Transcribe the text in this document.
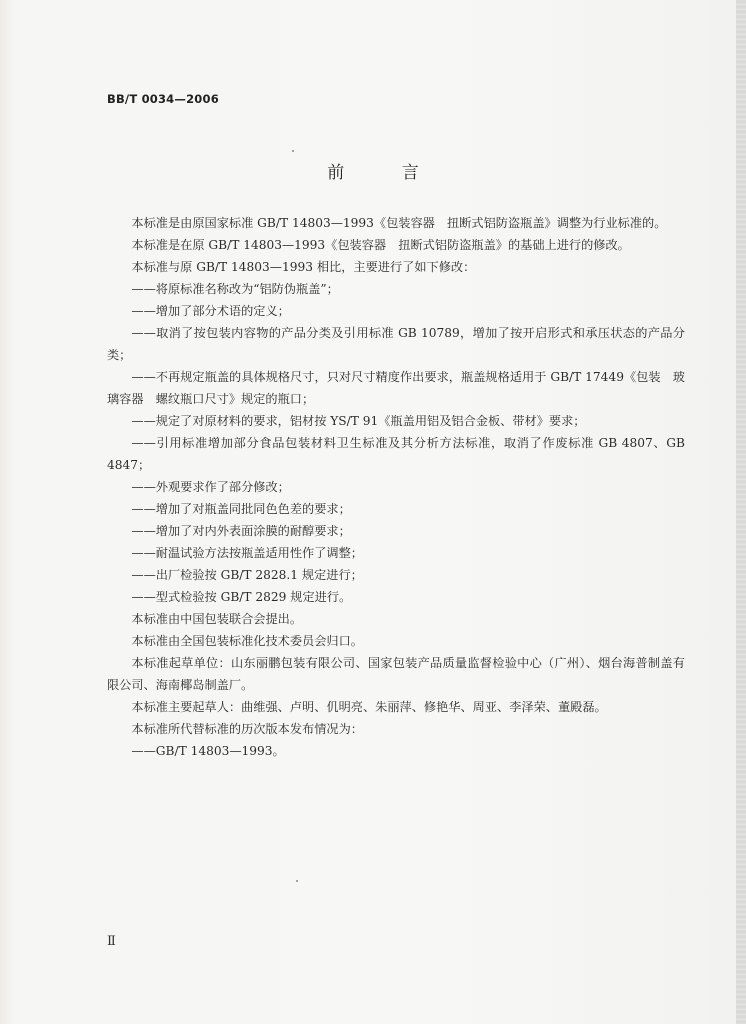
BB/T 0034—2006
前 言

本标准是由原国家标准 GB/T 14803—1993《包装容器　扭断式铝防盗瓶盖》调整为行业标准的。

本标准是在原 GB/T 14803—1993《包装容器　扭断式铝防盗瓶盖》的基础上进行的修改。

本标准与原 GB/T 14803—1993 相比，主要进行了如下修改：

——将原标准名称改为“铝防伪瓶盖”；

——增加了部分术语的定义；

——取消了按包装内容物的产品分类及引用标准 GB 10789，增加了按开启形式和承压状态的产品分类；

——不再规定瓶盖的具体规格尺寸，只对尺寸精度作出要求，瓶盖规格适用于 GB/T 17449《包装　玻璃容器　螺纹瓶口尺寸》规定的瓶口；

——规定了对原材料的要求，铝材按 YS/T 91《瓶盖用铝及铝合金板、带材》要求；

——引用标准增加部分食品包装材料卫生标准及其分析方法标准，取消了作废标准 GB 4807、GB 4847；

——外观要求作了部分修改；

——增加了对瓶盖同批同色色差的要求；

——增加了对内外表面涂膜的耐醇要求；

——耐温试验方法按瓶盖适用性作了调整；

——出厂检验按 GB/T 2828.1 规定进行；

——型式检验按 GB/T 2829 规定进行。

本标准由中国包装联合会提出。

本标准由全国包装标准化技术委员会归口。

本标准起草单位：山东丽鹏包装有限公司、国家包装产品质量监督检验中心（广州）、烟台海普制盖有限公司、海南椰岛制盖厂。

本标准主要起草人：曲维强、卢明、仉明亮、朱丽萍、修艳华、周亚、李泽荣、董殿磊。

本标准所代替标准的历次版本发布情况为：

——GB/T 14803—1993。

Ⅱ
